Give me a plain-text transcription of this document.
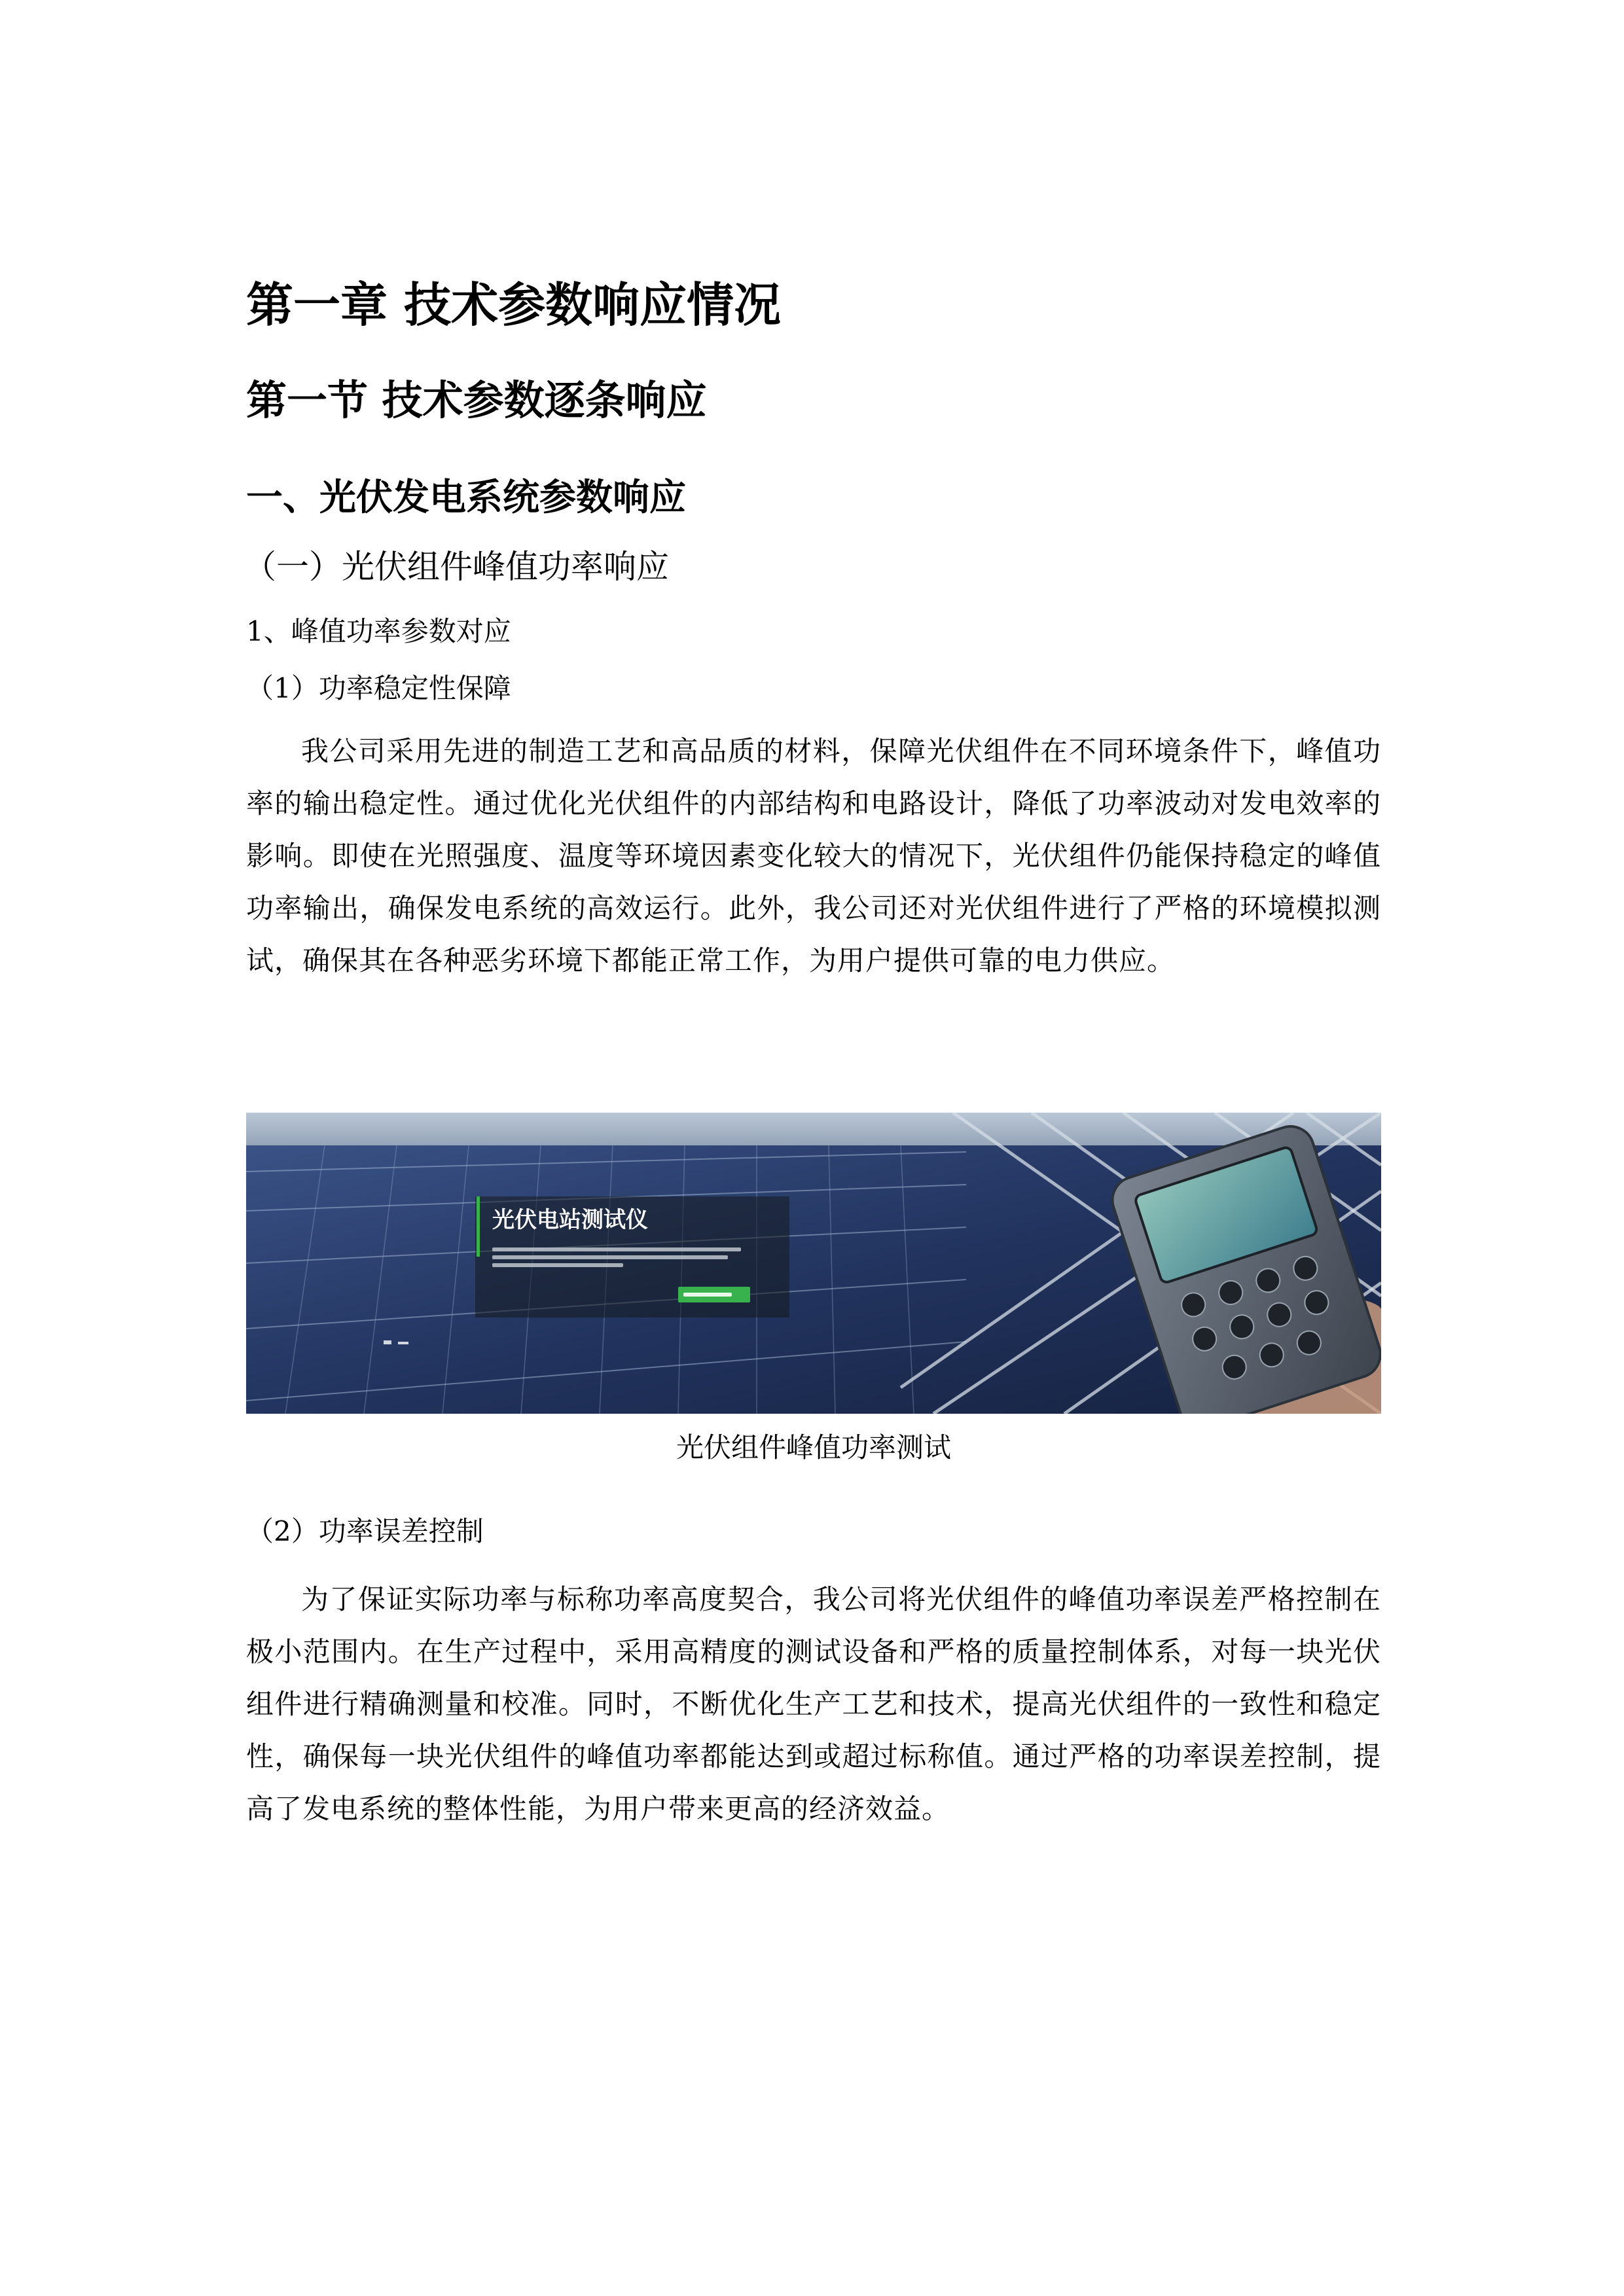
第一章 技术参数响应情况
第一节 技术参数逐条响应
一、光伏发电系统参数响应
（一）光伏组件峰值功率响应
1、峰值功率参数对应
（1）功率稳定性保障

我公司采用先进的制造工艺和高品质的材料，保障光伏组件在不同环境条件下，峰值功率的输出稳定性。通过优化光伏组件的内部结构和电路设计，降低了功率波动对发电效率的影响。即使在光照强度、温度等环境因素变化较大的情况下，光伏组件仍能保持稳定的峰值功率输出，确保发电系统的高效运行。此外，我公司还对光伏组件进行了严格的环境模拟测试，确保其在各种恶劣环境下都能正常工作，为用户提供可靠的电力供应。

光伏电站测试仪
光伏组件峰值功率测试
（2）功率误差控制

为了保证实际功率与标称功率高度契合，我公司将光伏组件的峰值功率误差严格控制在极小范围内。在生产过程中，采用高精度的测试设备和严格的质量控制体系，对每一块光伏组件进行精确测量和校准。同时，不断优化生产工艺和技术，提高光伏组件的一致性和稳定性，确保每一块光伏组件的峰值功率都能达到或超过标称值。通过严格的功率误差控制，提高了发电系统的整体性能，为用户带来更高的经济效益。
